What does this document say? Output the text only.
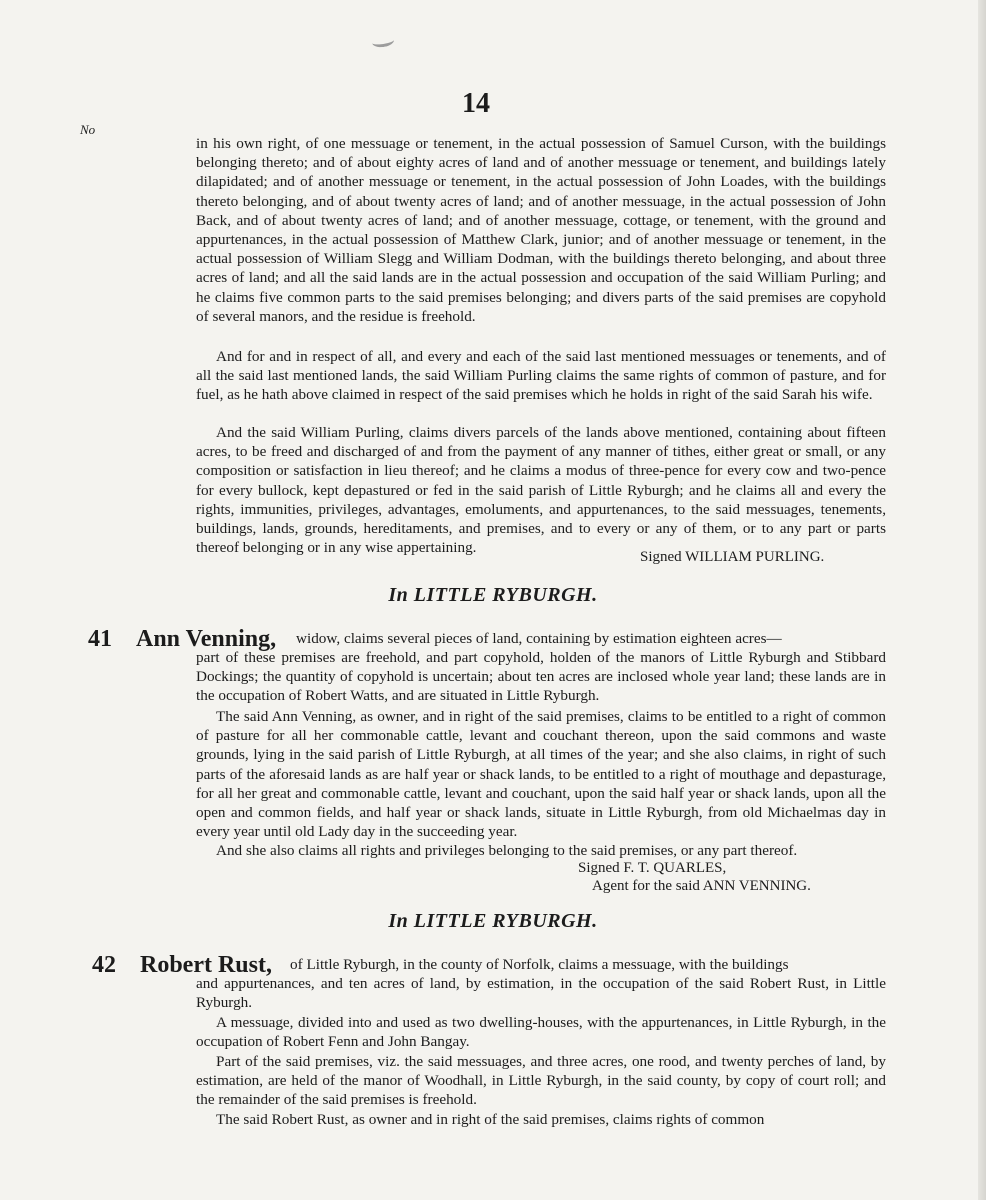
14
No

in his own right, of one messuage or tenement, in the actual possession of Samuel Curson, with the buildings belonging thereto; and of about eighty acres of land and of another messuage or tenement, and buildings lately dilapidated; and of another messuage or tenement, in the actual possession of John Loades, with the buildings thereto belonging, and of about twenty acres of land; and of another messuage, in the actual possession of John Back, and of about twenty acres of land; and of another messuage, cottage, or tenement, with the ground and appurtenances, in the actual possession of Matthew Clark, junior; and of another messuage or tenement, in the actual possession of William Slegg and William Dodman, with the buildings thereto belonging, and about three acres of land; and all the said lands are in the actual possession and occupation of the said William Purling; and he claims five common parts to the said premises belonging; and divers parts of the said premises are copyhold of several manors, and the residue is freehold.

And for and in respect of all, and every and each of the said last mentioned messuages or tenements, and of all the said last mentioned lands, the said William Purling claims the same rights of common of pasture, and for fuel, as he hath above claimed in respect of the said premises which he holds in right of the said Sarah his wife.

And the said William Purling, claims divers parcels of the lands above mentioned, containing about fifteen acres, to be freed and discharged of and from the payment of any manner of tithes, either great or small, or any composition or satisfaction in lieu thereof; and he claims a modus of three-pence for every cow and two-pence for every bullock, kept depastured or fed in the said parish of Little Ryburgh; and he claims all and every the rights, immunities, privileges, advantages, emoluments, and appurtenances, to the said messuages, tenements, buildings, lands, grounds, hereditaments, and premises, and to every or any of them, or to any part or parts thereof belonging or in any wise appertaining.

Signed WILLIAM PURLING.
In LITTLE RYBURGH.
41 Ann Venning, widow, claims several pieces of land, containing by estimation eighteen acres—

part of these premises are freehold, and part copyhold, holden of the manors of Little Ryburgh and Stibbard Dockings; the quantity of copyhold is uncertain; about ten acres are inclosed whole year land; these lands are in the occupation of Robert Watts, and are situated in Little Ryburgh.

The said Ann Venning, as owner, and in right of the said premises, claims to be entitled to a right of common of pasture for all her commonable cattle, levant and couchant thereon, upon the said commons and waste grounds, lying in the said parish of Little Ryburgh, at all times of the year; and she also claims, in right of such parts of the aforesaid lands as are half year or shack lands, to be entitled to a right of mouthage and depasturage, for all her great and commonable cattle, levant and couchant, upon the said half year or shack lands, upon all the open and common fields, and half year or shack lands, situate in Little Ryburgh, from old Michaelmas day in every year until old Lady day in the succeeding year.

And she also claims all rights and privileges belonging to the said premises, or any part thereof.

Signed F. T. QUARLES,
Agent for the said ANN VENNING.
In LITTLE RYBURGH.
42 Robert Rust, of Little Ryburgh, in the county of Norfolk, claims a messuage, with the buildings

and appurtenances, and ten acres of land, by estimation, in the occupation of the said Robert Rust, in Little Ryburgh.

A messuage, divided into and used as two dwelling-houses, with the appurtenances, in Little Ryburgh, in the occupation of Robert Fenn and John Bangay.

Part of the said premises, viz. the said messuages, and three acres, one rood, and twenty perches of land, by estimation, are held of the manor of Woodhall, in Little Ryburgh, in the said county, by copy of court roll; and the remainder of the said premises is freehold.

The said Robert Rust, as owner and in right of the said premises, claims rights of common
